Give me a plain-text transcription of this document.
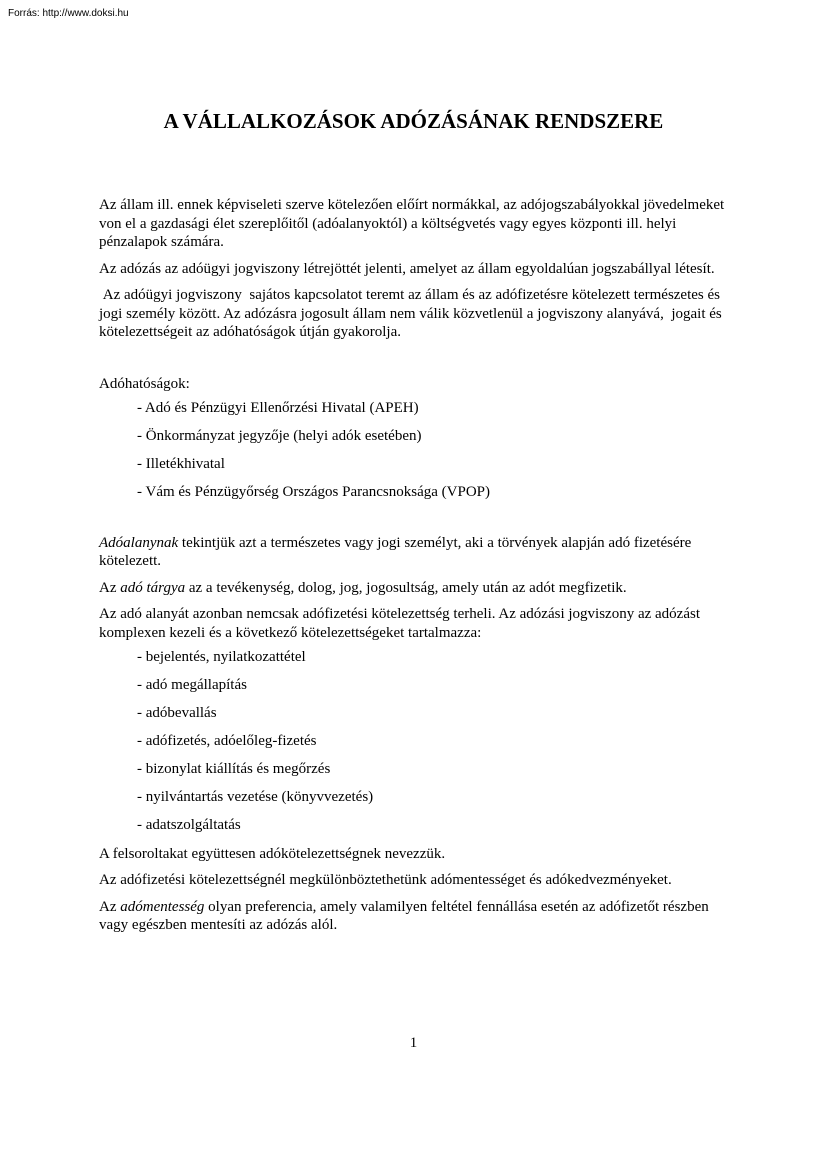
Forrás: http://www.doksi.hu
A VÁLLALKOZÁSOK ADÓZÁSÁNAK RENDSZERE

Az állam ill. ennek képviseleti szerve kötelezően előírt normákkal, az adójogszabályokkal jövedelmeket von el a gazdasági élet szereplőitől (adóalanyoktól) a költségvetés vagy egyes központi ill. helyi pénzalapok számára.

Az adózás az adóügyi jogviszony létrejöttét jelenti, amelyet az állam egyoldalúan jogszabállyal létesít.

Az adóügyi jogviszony  sajátos kapcsolatot teremt az állam és az adófizetésre kötelezett természetes és jogi személy között. Az adózásra jogosult állam nem válik közvetlenül a jogviszony alanyává,  jogait és kötelezettségeit az adóhatóságok útján gyakorolja.

Adóhatóságok:

- Adó és Pénzügyi Ellenőrzési Hivatal (APEH)
- Önkormányzat jegyzője (helyi adók esetében)
- Illetékhivatal
- Vám és Pénzügyőrség Országos Parancsnoksága (VPOP)

Adóalanynak tekintjük azt a természetes vagy jogi személyt, aki a törvények alapján adó fizetésére kötelezett.

Az adó tárgya az a tevékenység, dolog, jog, jogosultság, amely után az adót megfizetik.

Az adó alanyát azonban nemcsak adófizetési kötelezettség terheli. Az adózási jogviszony az adózást komplexen kezeli és a következő kötelezettségeket tartalmazza:

- bejelentés, nyilatkozattétel
- adó megállapítás
- adóbevallás
- adófizetés, adóelőleg-fizetés
- bizonylat kiállítás és megőrzés
- nyilvántartás vezetése (könyvvezetés)
- adatszolgáltatás

A felsoroltakat együttesen adókötelezettségnek nevezzük.

Az adófizetési kötelezettségnél megkülönböztethetünk adómentességet és adókedvezményeket.

Az adómentesség olyan preferencia, amely valamilyen feltétel fennállása esetén az adófizetőt részben vagy egészben mentesíti az adózás alól.

1
